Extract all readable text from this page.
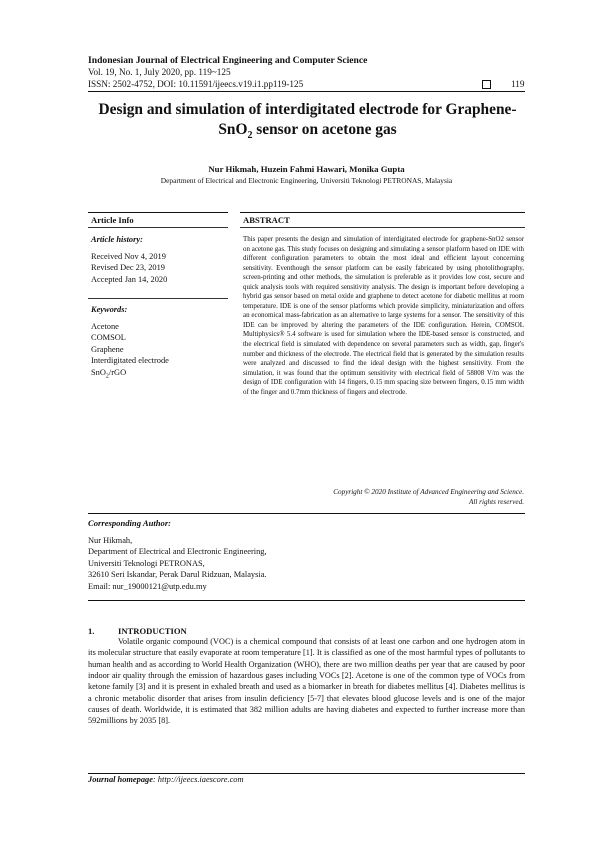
Indonesian Journal of Electrical Engineering and Computer Science
Vol. 19, No. 1, July 2020, pp. 119~125
ISSN: 2502-4752, DOI: 10.11591/ijeecs.v19.i1.pp119-125	119
Design and simulation of interdigitated electrode for Graphene-
SnO$_2$ sensor on acetone gas
Nur Hikmah, Huzein Fahmi Hawari, Monika Gupta
Department of Electrical and Electronic Engineering, Universiti Teknologi PETRONAS, Malaysia
Article Info
Article history:
Received Nov 4, 2019
Revised Dec 23, 2019
Accepted Jan 14, 2020
Keywords:
Acetone
COMSOL
Graphene
Interdigitated electrode
SnO$_2$/rGO
ABSTRACT
This paper presents the design and simulation of interdigitated electrode for graphene-SnO2 sensor on acetone gas. This study focuses on designing and simulating a sensor platform based on IDE with different configuration parameters to obtain the most ideal and efficient layout concerning sensitivity. Eventhough the sensor platform can be easily fabricated by using photolithography, screen-printing and other methods, the simulation is preferable as it provides low cost, secure and quick analysis tools with required sensitivity analysis. The design is important before developing a hybrid gas sensor based on metal oxide and graphene to detect acetone for diabetic mellitus at room temperature. IDE is one of the sensor platforms which provide simplicity, miniaturization and offers an economical mass-fabrication as an alternative to large systems for a sensor. The sensitivity of this IDE can be improved by altering the parameters of the IDE configuration. Herein, COMSOL Multiphysics® 5.4 software is used for simulation where the IDE-based sensor is constructed, and the electrical field is simulated with dependence on several parameters such as width, gap, finger's number and thickness of the electrode. The electrical field that is generated by the simulation results were analyzed and discussed to find the ideal design with the highest sensitivity. From the simulation, it was found that the optimum sensitivity with electrical field of 58808 V/m was the design of IDE configuration with 14 fingers, 0.15 mm spacing size between fingers, 0.15 mm width of the finger and 0.7mm thickness of fingers and electrode.
Copyright © 2020 Institute of Advanced Engineering and Science.
All rights reserved.
Corresponding Author:
Nur Hikmah,
Department of Electrical and Electronic Engineering,
Universiti Teknologi PETRONAS,
32610 Seri Iskandar, Perak Darul Ridzuan, Malaysia.
Email: nur_19000121@utp.edu.my
1.	INTRODUCTION
Volatile organic compound (VOC) is a chemical compound that consists of at least one carbon and one hydrogen atom in its molecular structure that easily evaporate at room temperature [1]. It is classified as one of the most harmful types of pollutants to human health and as according to World Health Organization (WHO), there are two million deaths per year that are caused by poor indoor air quality through the emission of hazardous gases including VOCs [2]. Acetone is one of the common type of VOCs from ketone family [3] and it is present in exhaled breath and used as a biomarker in breath for diabetes mellitus [4]. Diabetes mellitus is a chronic metabolic disorder that arises from insulin deficiency [5-7] that elevates blood glucose levels and is one of the major causes of death. Worldwide, it is estimated that 382 million adults are having diabetes and expected to further increase more than 592millions by 2035 [8].
Journal homepage: http://ijeecs.iaescore.com
